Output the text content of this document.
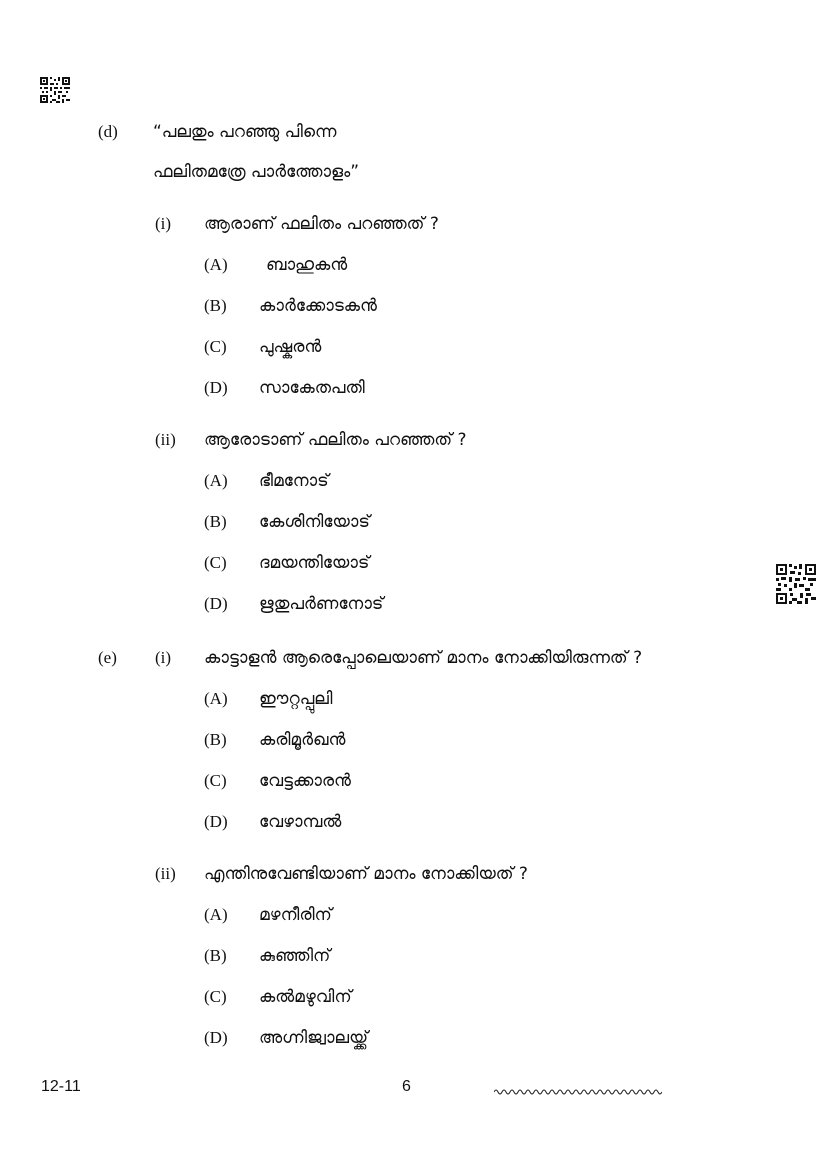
(d) “പലതും പറഞ്ഞു പിന്നെ
ഫലിതമത്രേ പാർത്തോളം”
(i) ആരാണ് ഫലിതം പറഞ്ഞത് ?
(A) ബാഹുകൻ
(B) കാർക്കോടകൻ
(C) പുഷ്കരൻ
(D) സാകേതപതി
(ii) ആരോടാണ് ഫലിതം പറഞ്ഞത് ?
(A) ഭീമനോട്
(B) കേശിനിയോട്
(C) ദമയന്തിയോട്
(D) ഋതുപർണനോട്
(e) (i) കാട്ടാളൻ ആരെപ്പോലെയാണ് മാനം നോക്കിയിരുന്നത് ?
(A) ഈറ്റപ്പുലി
(B) കരിമൂർഖൻ
(C) വേട്ടക്കാരൻ
(D) വേഴാമ്പൽ
(ii) എന്തിനുവേണ്ടിയാണ് മാനം നോക്കിയത് ?
(A) മഴനീരിന്
(B) കുഞ്ഞിന്
(C) കൽമഴുവിന്
(D) അഗ്നിജ്വാലയ്ക്ക്
12-11	6
